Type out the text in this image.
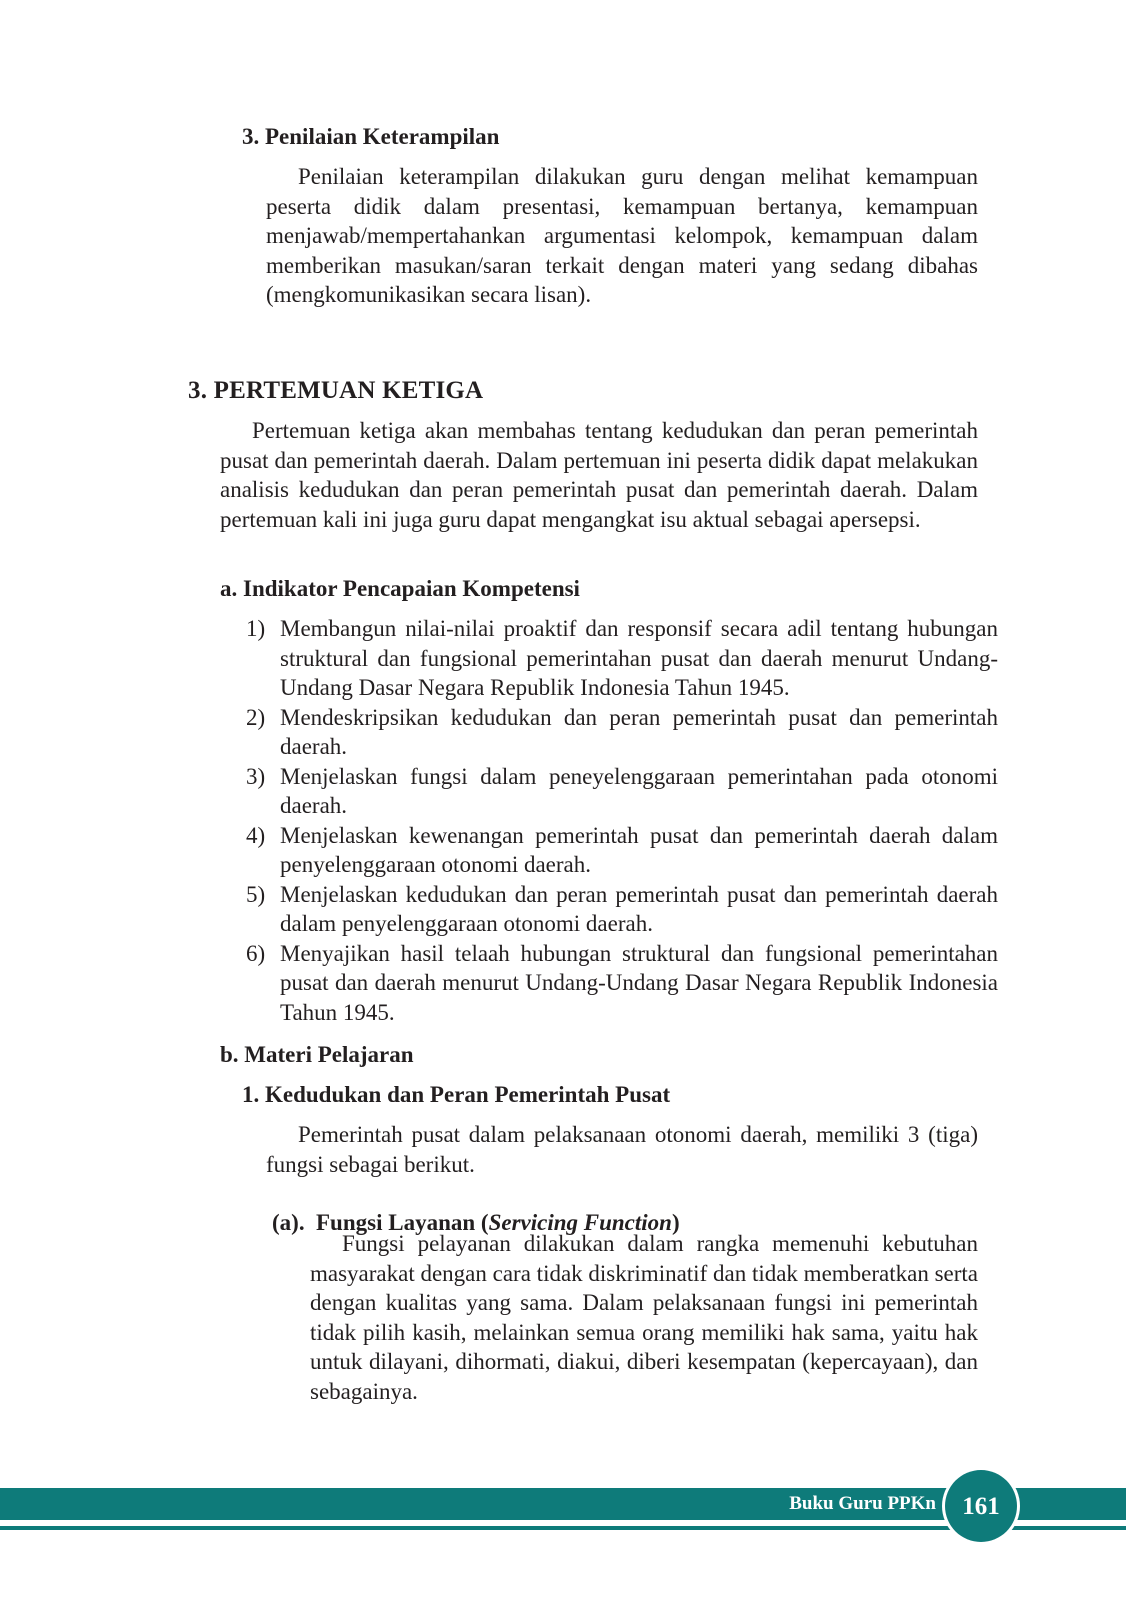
3. Penilaian Keterampilan

Penilaian keterampilan dilakukan guru dengan melihat kemampuan peserta didik dalam presentasi, kemampuan bertanya, kemampuan menjawab/mempertahankan argumentasi kelompok, kemampuan dalam memberikan masukan/saran terkait dengan materi yang sedang dibahas (mengkomunikasikan secara lisan).

3. PERTEMUAN KETIGA

Pertemuan ketiga akan membahas tentang kedudukan dan peran pemerintah pusat dan pemerintah daerah. Dalam pertemuan ini peserta didik dapat melakukan analisis kedudukan dan peran pemerintah pusat dan pemerintah daerah. Dalam pertemuan kali ini juga guru dapat mengangkat isu aktual sebagai apersepsi.

a. Indikator Pencapaian Kompetensi
1) Membangun nilai-nilai proaktif dan responsif secara adil tentang hubungan struktural dan fungsional pemerintahan pusat dan daerah menurut Undang-Undang Dasar Negara Republik Indonesia Tahun 1945.
2) Mendeskripsikan kedudukan dan peran pemerintah pusat dan pemerintah daerah.
3) Menjelaskan fungsi dalam peneyelenggaraan pemerintahan pada otonomi daerah.
4) Menjelaskan kewenangan pemerintah pusat dan pemerintah daerah dalam penyelenggaraan otonomi daerah.
5) Menjelaskan kedudukan dan peran pemerintah pusat dan pemerintah daerah dalam penyelenggaraan otonomi daerah.
6) Menyajikan hasil telaah hubungan struktural dan fungsional pemerintahan pusat dan daerah menurut Undang-Undang Dasar Negara Republik Indonesia Tahun 1945.
b. Materi Pelajaran
1. Kedudukan dan Peran Pemerintah Pusat

Pemerintah pusat dalam pelaksanaan otonomi daerah, memiliki 3 (tiga) fungsi sebagai berikut.

(a). Fungsi Layanan (Servicing Function)

Fungsi pelayanan dilakukan dalam rangka memenuhi kebutuhan masyarakat dengan cara tidak diskriminatif dan tidak memberatkan serta dengan kualitas yang sama. Dalam pelaksanaan fungsi ini pemerintah tidak pilih kasih, melainkan semua orang memiliki hak sama, yaitu hak untuk dilayani, dihormati, diakui, diberi kesempatan (kepercayaan), dan sebagainya.

Buku Guru PPKn 161
